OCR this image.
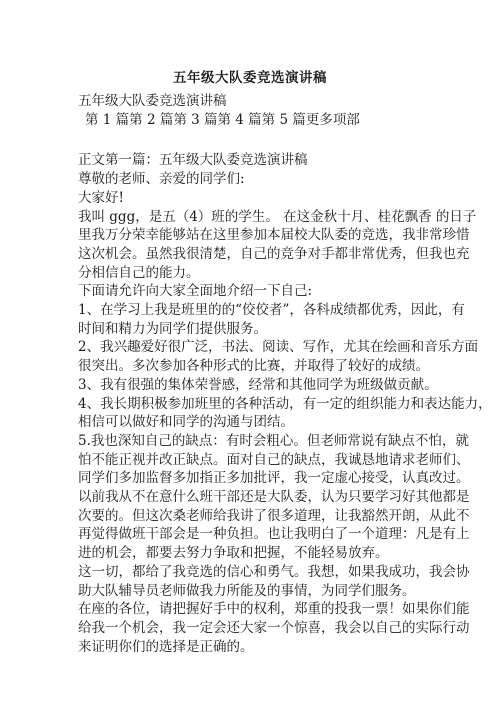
五年级大队委竞选演讲稿
五年级大队委竞选演讲稿
第 1 篇第 2 篇第 3 篇第 4 篇第 5 篇更多项部
正文第一篇：五年级大队委竞选演讲稿
尊敬的老师、亲爱的同学们:
大家好!
我叫 ggg，是五（4）班的学生。 在这金秋十月、桂花飘香 的日子
里我万分荣幸能够站在这里参加本届校大队委的竞选，我非常珍惜
这次机会。虽然我很清楚，自己的竞争对手都非常优秀，但我也充
分相信自己的能力。
下面请允许向大家全面地介绍一下自己:
1、在学习上我是班里的的“佼佼者”，各科成绩都优秀，因此，有
时间和精力为同学们提供服务。
2、我兴趣爱好很广泛，书法、阅读、写作，尤其在绘画和音乐方面
很突出。多次参加各种形式的比赛，并取得了较好的成绩。
3、我有很强的集体荣誉感，经常和其他同学为班级做贡献。
4、我长期积极参加班里的各种活动，有一定的组织能力和表达能力，
相信可以做好和同学的沟通与团结。
5.我也深知自己的缺点：有时会粗心。但老师常说有缺点不怕，就
怕不能正视并改正缺点。面对自己的缺点，我诚恳地请求老师们、
同学们多加监督多加指正多加批评，我一定虚心接受，认真改过。
以前我从不在意什么班干部还是大队委，认为只要学习好其他都是
次要的。但这次桑老师给我讲了很多道理，让我豁然开朗，从此不
再觉得做班干部会是一种负担。也让我明白了一个道理：凡是有上
进的机会，都要去努力争取和把握，不能轻易放弃。
这一切，都给了我竞选的信心和勇气。我想，如果我成功，我会协
助大队辅导员老师做我力所能及的事情，为同学们服务。
在座的各位，请把握好手中的权利，郑重的投我一票！如果你们能
给我一个机会，我一定会还大家一个惊喜，我会以自己的实际行动
来证明你们的选择是正确的。
